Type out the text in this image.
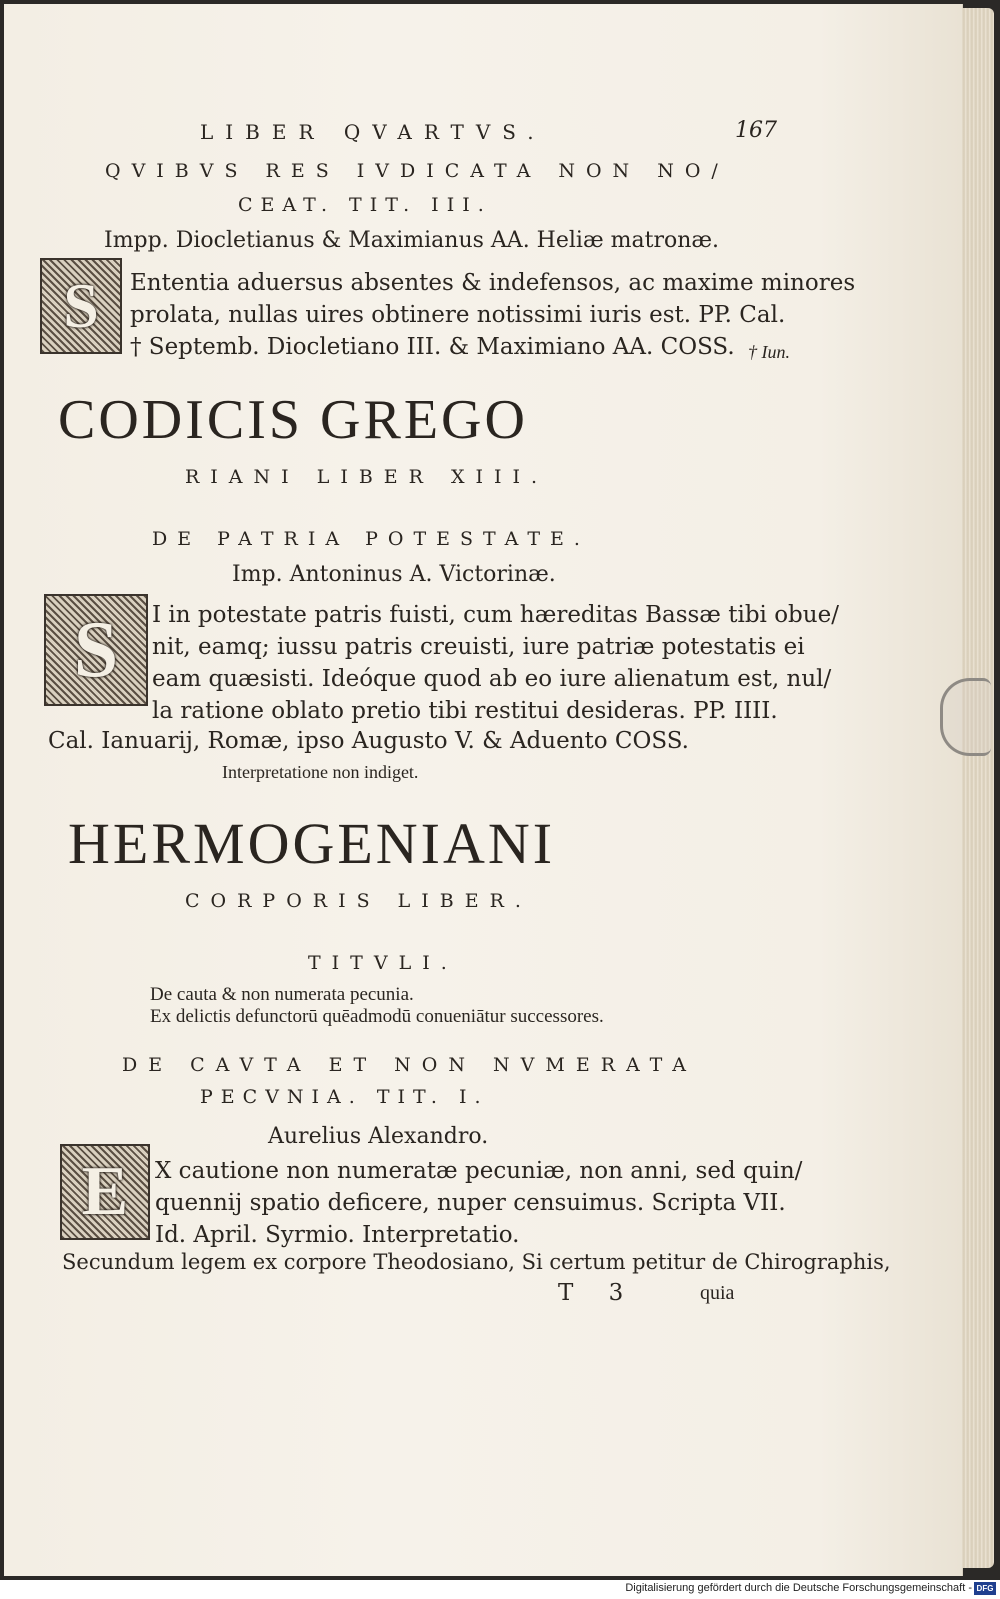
LIBER QVARTVS.	167
QVIBVS RES IVDICATA NON NO/
CEAT. TIT. III.
Impp. Diocletianus & Maximianus AA. Heliæ matronæ.
S Ententia aduersus absentes & indefensos, ac maxime minores
prolata, nullas uires obtinere notissimi iuris est. PP. Cal.
† Septemb. Diocletiano III. & Maximiano AA. COSS. † Iun.
CODICIS GREGO
RIANI LIBER XIII.
DE PATRIA POTESTATE.
Imp. Antoninus A. Victorinæ.
S I in potestate patris fuisti, cum hæreditas Bassæ tibi obue/
nit, eamq; iussu patris creuisti, iure patriæ potestatis ei
eam quæsisti. Ideóque quod ab eo iure alienatum est, nul/
la ratione oblato pretio tibi restitui desideras. PP. IIII.
Cal. Ianuarij, Romæ, ipso Augusto V. & Aduento COSS.
Interpretatione non indiget.
HERMOGENIANI
CORPORIS LIBER.
TITVLI.
De cauta & non numerata pecunia.
Ex delictis defunctorū quēadmodū conueniātur successores.
DE CAVTA ET NON NVMERATA
PECVNIA. TIT. I.
Aurelius Alexandro.
E X cautione non numeratæ pecuniæ, non anni, sed quin/
quennij spatio deficere, nuper censuimus. Scripta VII.
Id. April. Syrmio. Interpretatio.
Secundum legem ex corpore Theodosiano, Si certum petitur de Chirographis,
T 3	quia
Digitalisierung gefördert durch die Deutsche Forschungsgemeinschaft - DFG
